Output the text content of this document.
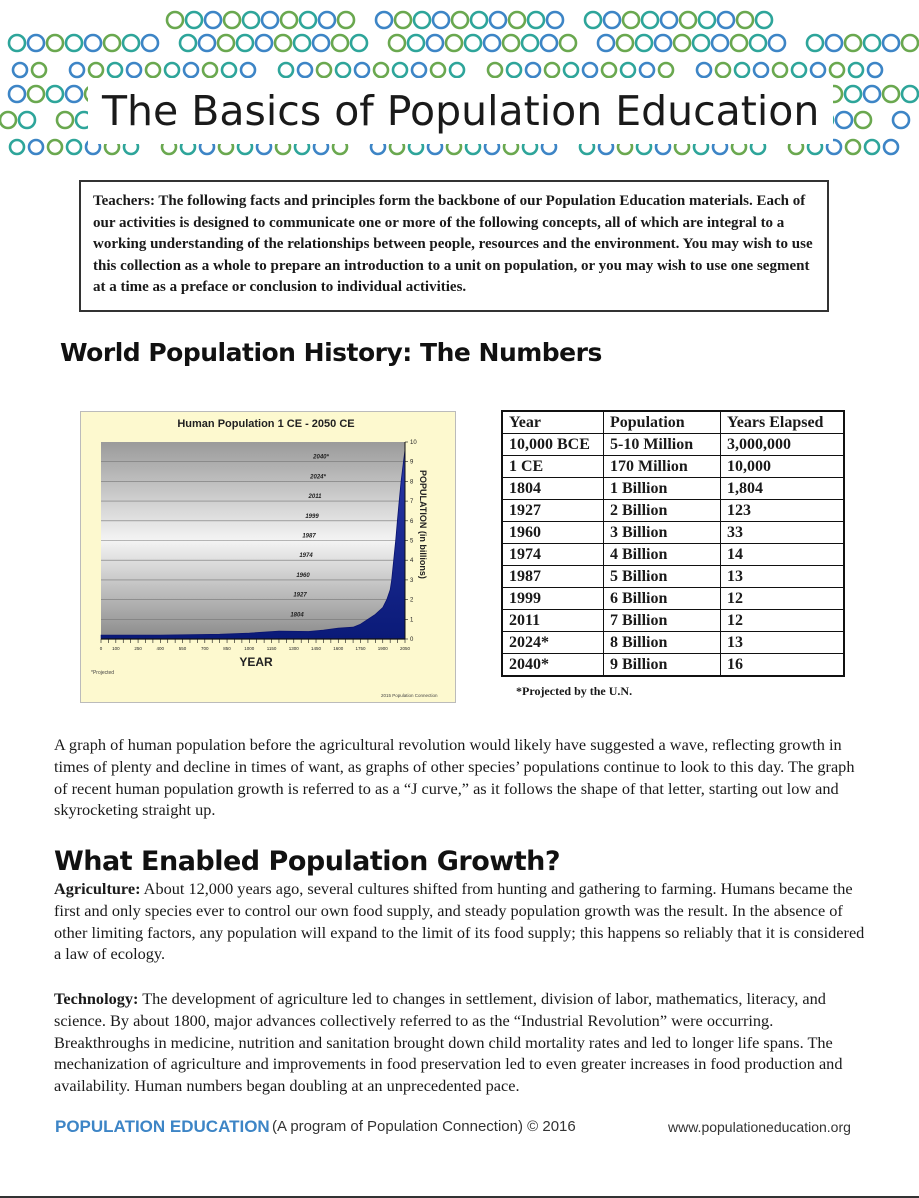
The Basics of Population Education
Teachers: The following facts and principles form the backbone of our Population Education materials. Each of our activities is designed to communicate one or more of the following concepts, all of which are integral to a working understanding of the relationships between people, resources and the environment. You may wish to use this collection as a whole to prepare an introduction to a unit on population, or you may wish to use one segment at a time as a preface or conclusion to individual activities.
World Population History: The Numbers
Human Population 1 CE - 2050 CE
2040*
2024*
2011
1999
1987
1974
1960
1927
1804
0 100	250	400	550	700	850	1000	1150	1300	1450	1600	1750	1900	2050
0
1
2
3
4
5
6
7
8
9
10
YEAR
POPULATION (in billions)
*Projected
2015 Population Connection
Year	Population	Years Elapsed
10,000 BCE	5-10 Million	3,000,000
1 CE	170 Million	10,000
1804	1 Billion	1,804
1927	2 Billion	123
1960	3 Billion	33
1974	4 Billion	14
1987	5 Billion	13
1999	6 Billion	12
2011	7 Billion	12
2024*	8 Billion	13
2040*	9 Billion	16
*Projected by the U.N.
A graph of human population before the agricultural revolution would likely have suggested a wave, reflecting growth in times of plenty and decline in times of want, as graphs of other species’ populations continue to look to this day. The graph of recent human population growth is referred to as a “J curve,” as it follows the shape of that letter, starting out low and skyrocketing straight up.
What Enabled Population Growth?
Agriculture: About 12,000 years ago, several cultures shifted from hunting and gathering to farming. Humans became the first and only species ever to control our own food supply, and steady population growth was the result. In the absence of other limiting factors, any population will expand to the limit of its food supply; this happens so reliably that it is considered a law of ecology.
Technology: The development of agriculture led to changes in settlement, division of labor, mathematics, literacy, and science. By about 1800, major advances collectively referred to as the “Industrial Revolution” were occurring. Breakthroughs in medicine, nutrition and sanitation brought down child mortality rates and led to longer life spans. The mechanization of agriculture and improvements in food preservation led to even greater increases in food production and availability. Human numbers began doubling at an unprecedented pace.
POPULATION EDUCATION (A program of Population Connection) © 2016	www.populationeducation.org
